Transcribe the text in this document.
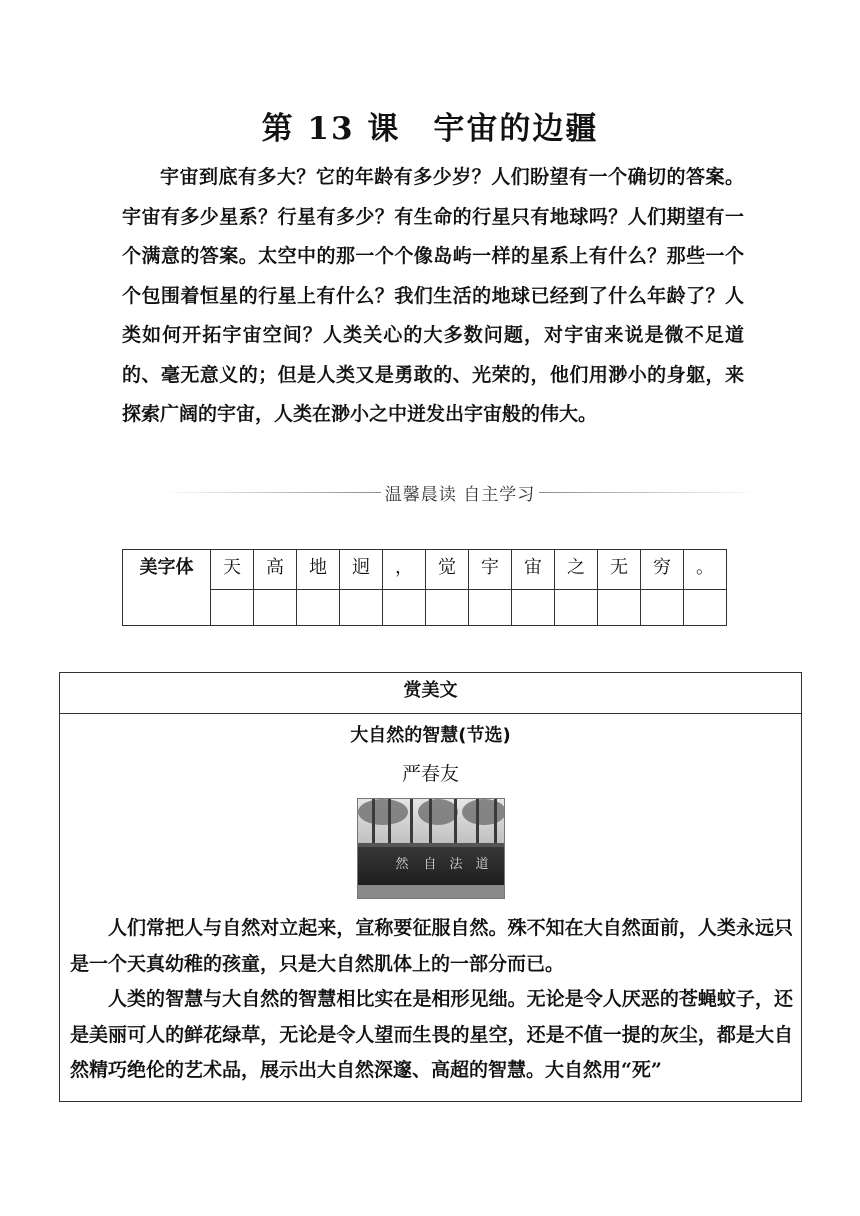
第 13 课　宇宙的边疆

宇宙到底有多大？它的年龄有多少岁？人们盼望有一个确切的答案。宇宙有多少星系？行星有多少？有生命的行星只有地球吗？人们期望有一个满意的答案。太空中的那一个个像岛屿一样的星系上有什么？那些一个个包围着恒星的行星上有什么？我们生活的地球已经到了什么年龄了？人类如何开拓宇宙空间？人类关心的大多数问题，对宇宙来说是微不足道的、毫无意义的；但是人类又是勇敢的、光荣的，他们用渺小的身躯，来探索广阔的宇宙，人类在渺小之中迸发出宇宙般的伟大。

温馨晨读 自主学习
美字体	天	高	地	迥	，	觉	宇	宙	之	无	穷	。

赏美文
大自然的智慧(节选)
严春友
然 自 法 道

人们常把人与自然对立起来，宣称要征服自然。殊不知在大自然面前，人类永远只是一个天真幼稚的孩童，只是大自然肌体上的一部分而已。

人类的智慧与大自然的智慧相比实在是相形见绌。无论是令人厌恶的苍蝇蚊子，还是美丽可人的鲜花绿草，无论是令人望而生畏的星空，还是不值一提的灰尘，都是大自然精巧绝伦的艺术品，展示出大自然深邃、高超的智慧。大自然用“死”
